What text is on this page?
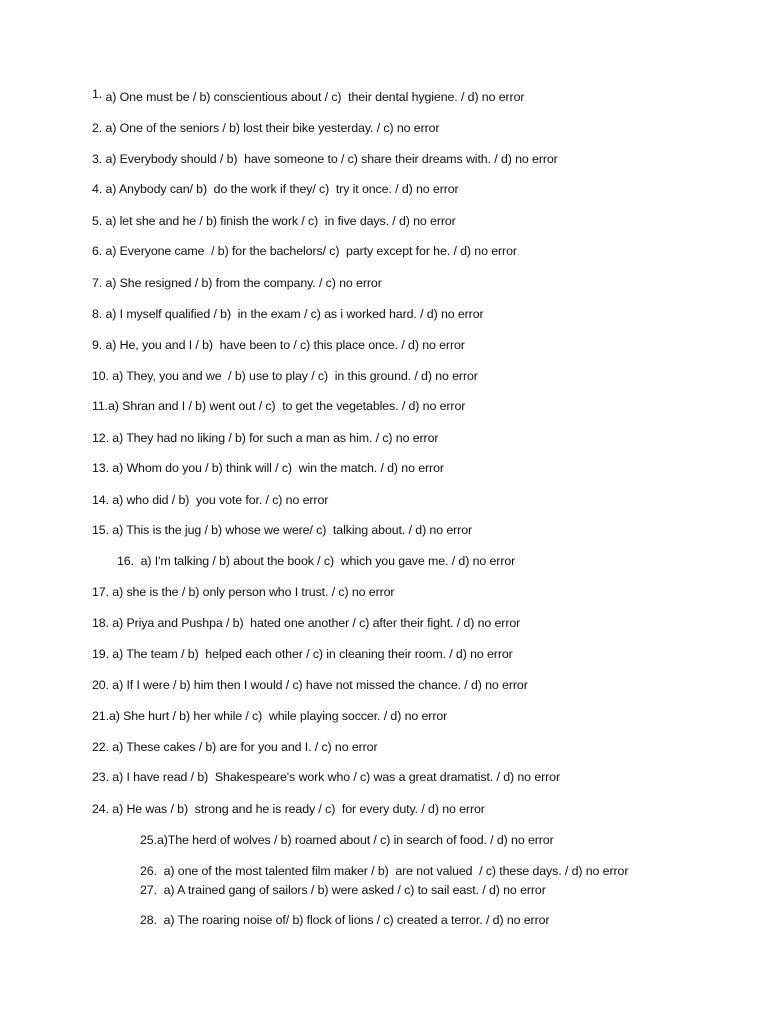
1. a) One must be / b) conscientious about / c)  their dental hygiene. / d) no error
2. a) One of the seniors / b) lost their bike yesterday. / c) no error
3. a) Everybody should / b)  have someone to / c) share their dreams with. / d) no error
4. a) Anybody can/ b)  do the work if they/ c)  try it once. / d) no error
5. a) let she and he / b) finish the work / c)  in five days. / d) no error
6. a) Everyone came  / b) for the bachelors/ c)  party except for he. / d) no error
7. a) She resigned / b) from the company. / c) no error
8. a) I myself qualified / b)  in the exam / c) as i worked hard. / d) no error
9. a) He, you and I / b)  have been to / c) this place once. / d) no error
10. a) They, you and we  / b) use to play / c)  in this ground. / d) no error
11.a) Shran and I / b) went out / c)  to get the vegetables. / d) no error
12. a) They had no liking / b) for such a man as him. / c) no error
13. a) Whom do you / b) think will / c)  win the match. / d) no error
14. a) who did / b)  you vote for. / c) no error
15. a) This is the jug / b) whose we were/ c)  talking about. / d) no error
16.  a) I'm talking / b) about the book / c)  which you gave me. / d) no error
17. a) she is the / b) only person who I trust. / c) no error
18. a) Priya and Pushpa / b)  hated one another / c) after their fight. / d) no error
19. a) The team / b)  helped each other / c) in cleaning their room. / d) no error
20. a) If I were / b) him then I would / c) have not missed the chance. / d) no error
21.a) She hurt / b) her while / c)  while playing soccer. / d) no error
22. a) These cakes / b) are for you and I. / c) no error
23. a) I have read / b)  Shakespeare's work who / c) was a great dramatist. / d) no error
24. a) He was / b)  strong and he is ready / c)  for every duty. / d) no error
25.a)The herd of wolves / b) roamed about / c) in search of food. / d) no error
26.  a) one of the most talented film maker / b)  are not valued  / c) these days. / d) no error
27.  a) A trained gang of sailors / b) were asked / c) to sail east. / d) no error
28.  a) The roaring noise of/ b) flock of lions / c) created a terror. / d) no error
